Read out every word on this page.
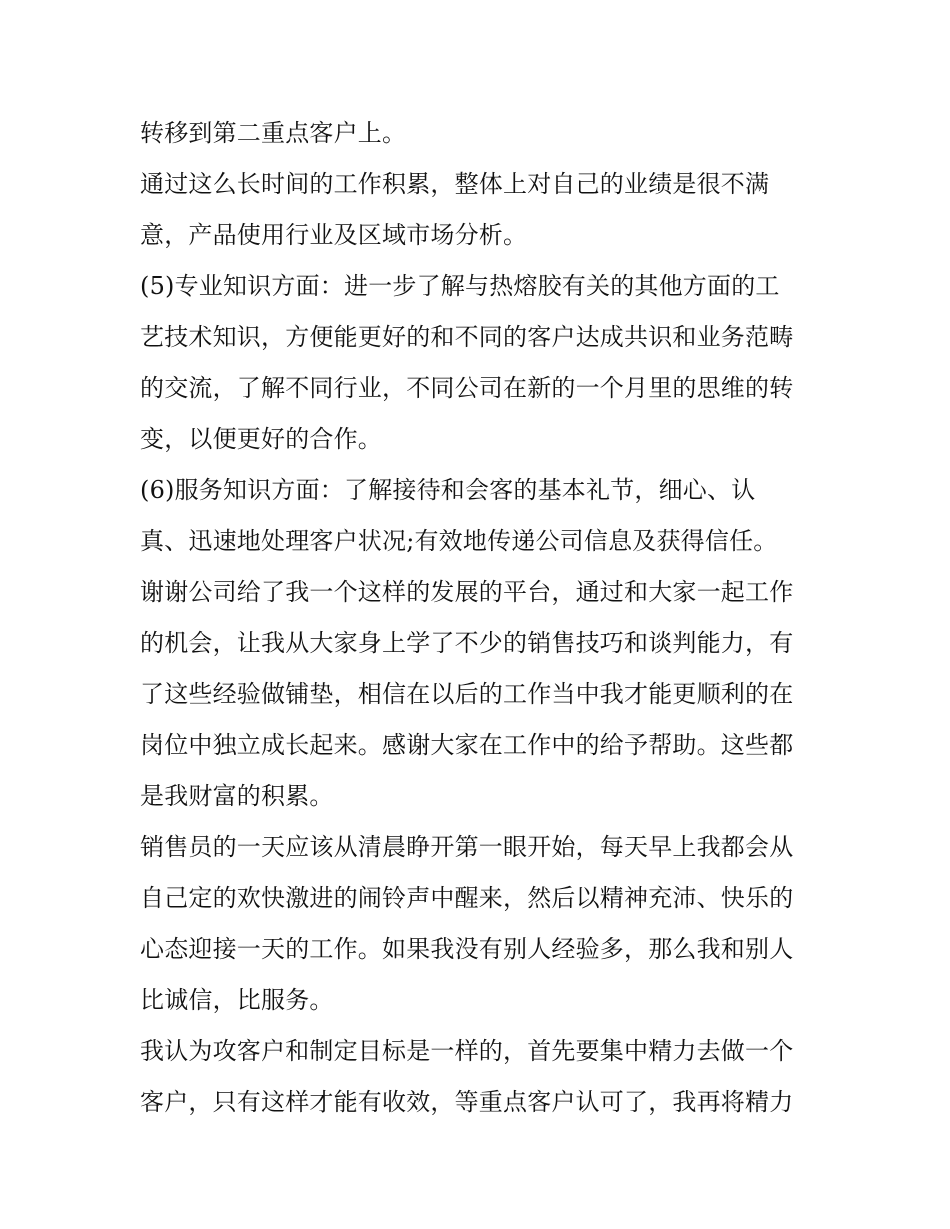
转移到第二重点客户上。
通过这么长时间的工作积累，整体上对自己的业绩是很不满
意，产品使用行业及区域市场分析。
(5)专业知识方面：进一步了解与热熔胶有关的其他方面的工
艺技术知识，方便能更好的和不同的客户达成共识和业务范畴
的交流，了解不同行业，不同公司在新的一个月里的思维的转
变，以便更好的合作。
(6)服务知识方面：了解接待和会客的基本礼节，细心、认
真、迅速地处理客户状况;有效地传递公司信息及获得信任。
谢谢公司给了我一个这样的发展的平台，通过和大家一起工作
的机会，让我从大家身上学了不少的销售技巧和谈判能力，有
了这些经验做铺垫，相信在以后的工作当中我才能更顺利的在
岗位中独立成长起来。感谢大家在工作中的给予帮助。这些都
是我财富的积累。
销售员的一天应该从清晨睁开第一眼开始，每天早上我都会从
自己定的欢快激进的闹铃声中醒来，然后以精神充沛、快乐的
心态迎接一天的工作。如果我没有别人经验多，那么我和别人
比诚信，比服务。
我认为攻客户和制定目标是一样的，首先要集中精力去做一个
客户，只有这样才能有收效，等重点客户认可了，我再将精力
